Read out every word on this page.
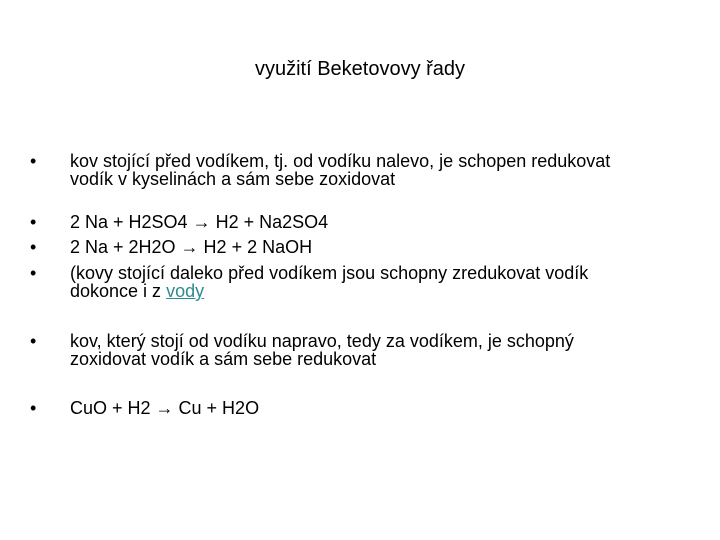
využití Beketovovy řady
•	kov stojící před vodíkem, tj. od vodíku nalevo, je schopen redukovat
vodík v kyselinách a sám sebe zoxidovat
•	2 Na + H2SO4 → H2 + Na2SO4
•	2 Na + 2H2O → H2 + 2 NaOH
•	(kovy stojící daleko před vodíkem jsou schopny zredukovat vodík
dokonce i z vody
•	kov, který stojí od vodíku napravo, tedy za vodíkem, je schopný
zoxidovat vodík a sám sebe redukovat
•	CuO + H2 → Cu + H2O
